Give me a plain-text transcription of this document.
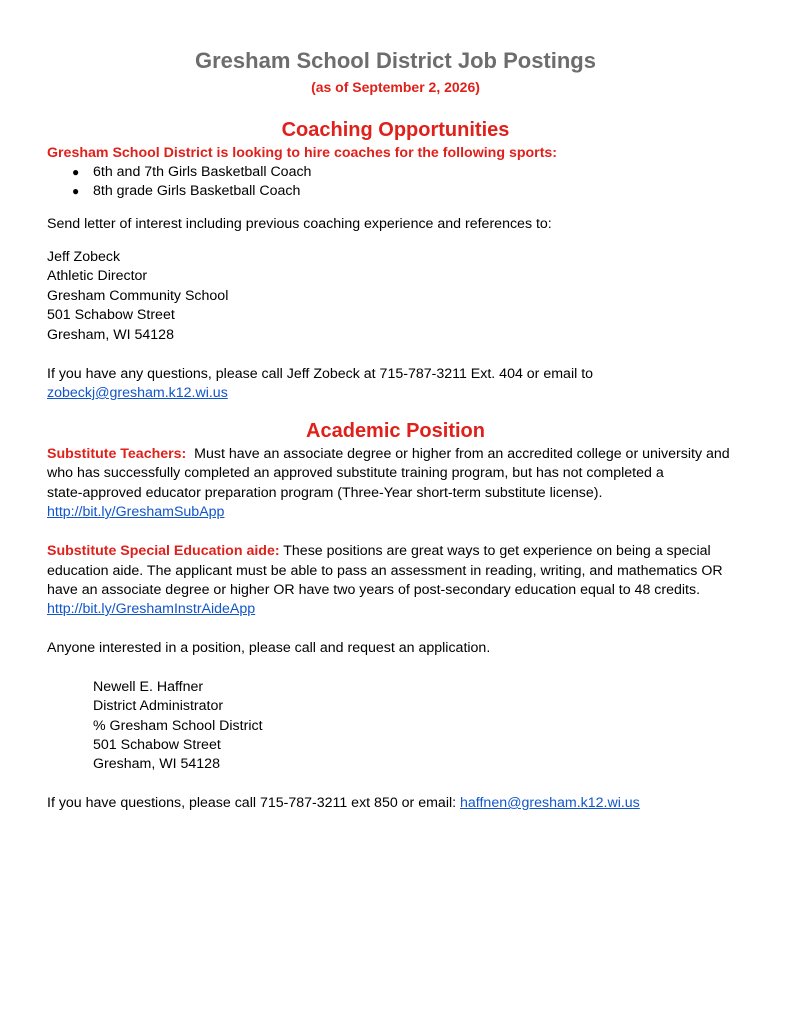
Gresham School District Job Postings
(as of September 2, 2026)
Coaching Opportunities
Gresham School District is looking to hire coaches for the following sports:
● 6th and 7th Girls Basketball Coach
● 8th grade Girls Basketball Coach
Send letter of interest including previous coaching experience and references to:
Jeff Zobeck
Athletic Director
Gresham Community School
501 Schabow Street
Gresham, WI 54128
If you have any questions, please call Jeff Zobeck at 715-787-3211 Ext. 404 or email to
zobeckj@gresham.k12.wi.us
Academic Position
Substitute Teachers:  Must have an associate degree or higher from an accredited college or university and
who has successfully completed an approved substitute training program, but has not completed a
state-approved educator preparation program (Three-Year short-term substitute license).
http://bit.ly/GreshamSubApp
Substitute Special Education aide: These positions are great ways to get experience on being a special
education aide. The applicant must be able to pass an assessment in reading, writing, and mathematics OR
have an associate degree or higher OR have two years of post-secondary education equal to 48 credits.
http://bit.ly/GreshamInstrAideApp
Anyone interested in a position, please call and request an application.
Newell E. Haffner
District Administrator
% Gresham School District
501 Schabow Street
Gresham, WI 54128
If you have questions, please call 715-787-3211 ext 850 or email: haffnen@gresham.k12.wi.us
